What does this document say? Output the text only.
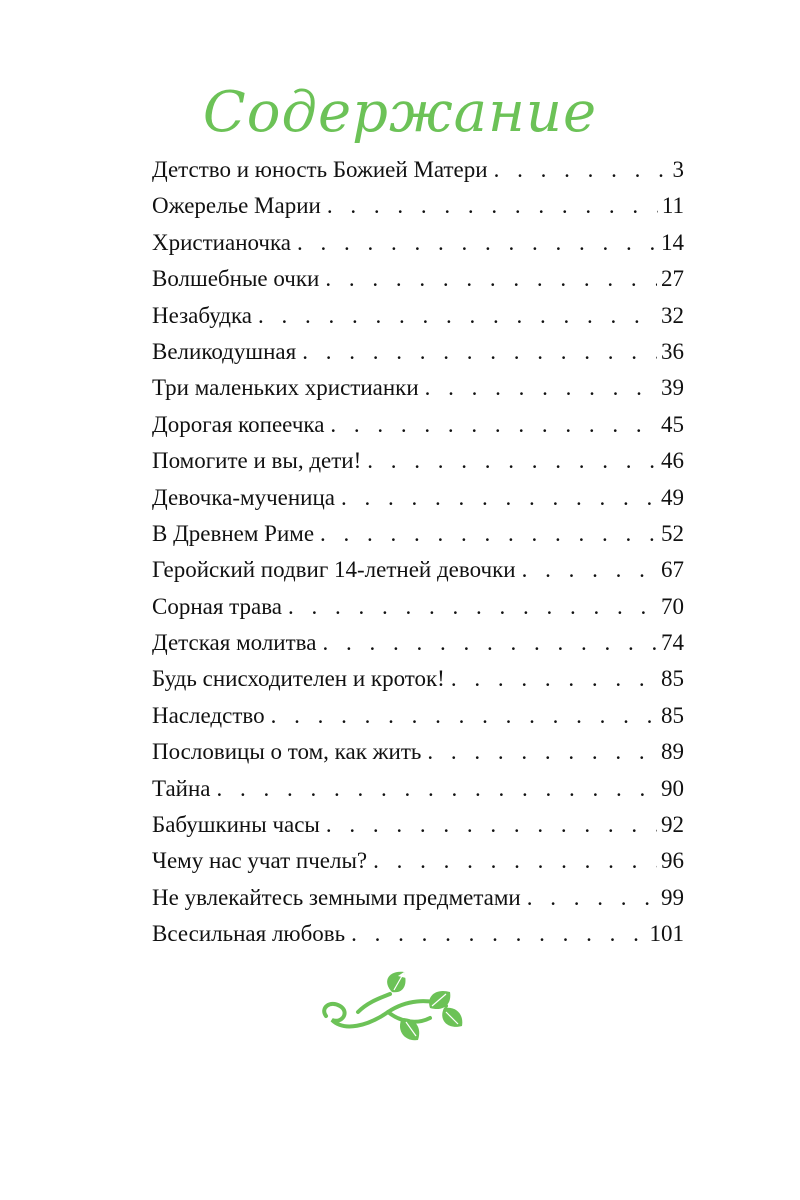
Содержание
Детство и юность Божией Матери . . .	3
Ожерелье Марии . . .	11
Христианочка . . .	14
Волшебные очки . . .	27
Незабудка . . .	32
Великодушная . . .	36
Три маленьких христианки . . .	39
Дорогая копеечка . . .	45
Помогите и вы, дети! . . .	46
Девочка-мученица . . .	49
В Древнем Риме . . .	52
Геройский подвиг 14-летней девочки . . .	67
Сорная трава . . .	70
Детская молитва . . .	74
Будь снисходителен и кроток! . . .	85
Наследство . . .	85
Пословицы о том, как жить . . .	89
Тайна . . .	90
Бабушкины часы . . .	92
Чему нас учат пчелы? . . .	96
Не увлекайтесь земными предметами . . .	99
Всесильная любовь . . .	101
